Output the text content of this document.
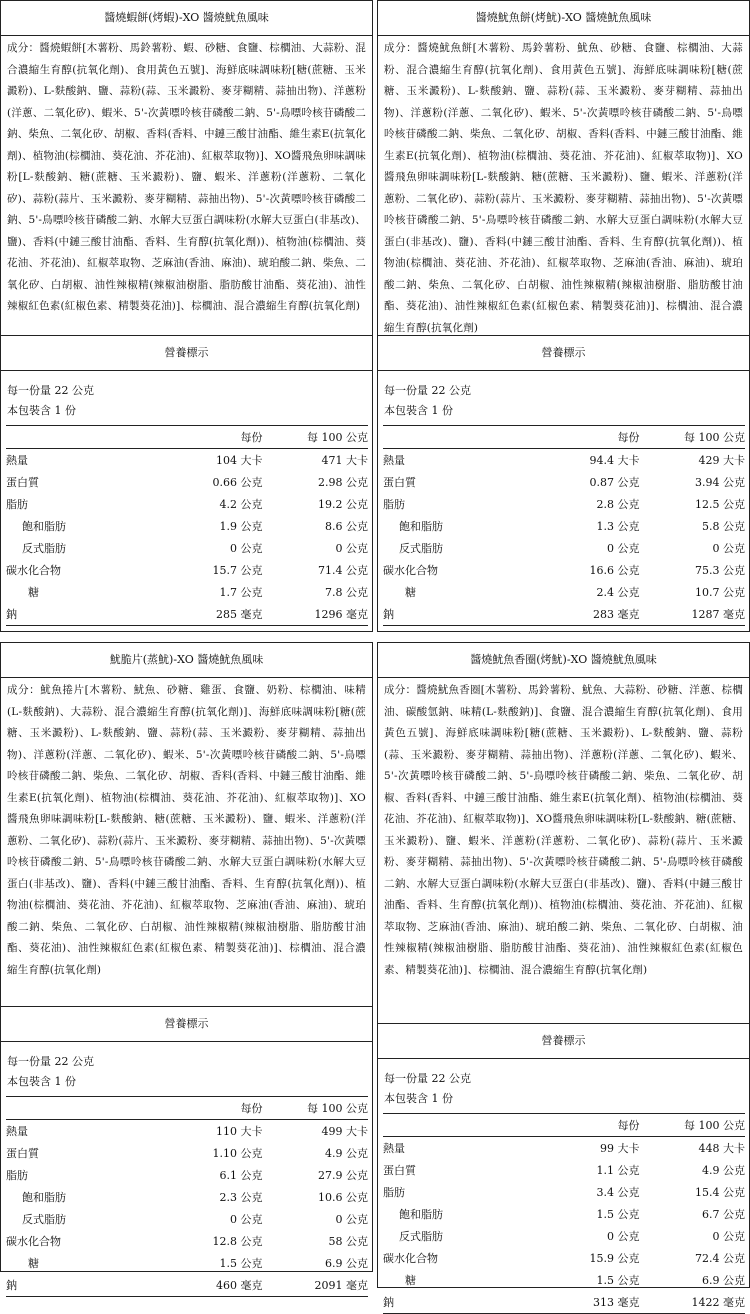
醬燒蝦餅(烤蝦)-XO 醬燒魷魚風味
成分：醬燒蝦餅[木薯粉、馬鈴薯粉、蝦、砂糖、食鹽、棕櫚油、大蒜粉、混合濃縮生育醇(抗氧化劑)、食用黃色五號]、海鮮底味調味粉[糖(蔗糖、玉米澱粉)、L-麩酸鈉、鹽、蒜粉(蒜、玉米澱粉、麥芽糊精、蒜抽出物)、洋蔥粉(洋蔥、二氧化矽)、蝦米、5'-次黃嘌呤核苷磷酸二鈉、5'-鳥嘌呤核苷磷酸二鈉、柴魚、二氧化矽、胡椒、香料(香料、中鏈三酸甘油酯、維生素E(抗氧化劑)、植物油(棕櫚油、葵花油、芥花油)、紅椒萃取物)]、XO醬飛魚卵味調味粉[L-麩酸鈉、糖(蔗糖、玉米澱粉)、鹽、蝦米、洋蔥粉(洋蔥粉、二氧化矽)、蒜粉(蒜片、玉米澱粉、麥芽糊精、蒜抽出物)、5'-次黃嘌呤核苷磷酸二鈉、5'-鳥嘌呤核苷磷酸二鈉、水解大豆蛋白調味粉(水解大豆蛋白(非基改)、鹽)、香料(中鏈三酸甘油酯、香料、生育醇(抗氧化劑))、植物油(棕櫚油、葵花油、芥花油)、紅椒萃取物、芝麻油(香油、麻油)、琥珀酸二鈉、柴魚、二氧化矽、白胡椒、油性辣椒精(辣椒油樹脂、脂肪酸甘油酯、葵花油)、油性辣椒紅色素(紅椒色素、精製葵花油)]、棕櫚油、混合濃縮生育醇(抗氧化劑)
營養標示
每一份量 22 公克
本包裝含 1 份
	每份	每 100 公克
熱量	104 大卡	471 大卡
蛋白質	0.66 公克	2.98 公克
脂肪	4.2 公克	19.2 公克
飽和脂肪	1.9 公克	8.6 公克
反式脂肪	0 公克	0 公克
碳水化合物	15.7 公克	71.4 公克
糖	1.7 公克	7.8 公克
鈉	285 毫克	1296 毫克
醬燒魷魚餅(烤魷)-XO 醬燒魷魚風味
成分：醬燒魷魚餅[木薯粉、馬鈴薯粉、魷魚、砂糖、食鹽、棕櫚油、大蒜粉、混合濃縮生育醇(抗氧化劑)、食用黃色五號]、海鮮底味調味粉[糖(蔗糖、玉米澱粉)、L-麩酸鈉、鹽、蒜粉(蒜、玉米澱粉、麥芽糊精、蒜抽出物)、洋蔥粉(洋蔥、二氧化矽)、蝦米、5'-次黃嘌呤核苷磷酸二鈉、5'-鳥嘌呤核苷磷酸二鈉、柴魚、二氧化矽、胡椒、香料(香料、中鏈三酸甘油酯、維生素E(抗氧化劑)、植物油(棕櫚油、葵花油、芥花油)、紅椒萃取物)]、XO醬飛魚卵味調味粉[L-麩酸鈉、糖(蔗糖、玉米澱粉)、鹽、蝦米、洋蔥粉(洋蔥粉、二氧化矽)、蒜粉(蒜片、玉米澱粉、麥芽糊精、蒜抽出物)、5'-次黃嘌呤核苷磷酸二鈉、5'-鳥嘌呤核苷磷酸二鈉、水解大豆蛋白調味粉(水解大豆蛋白(非基改)、鹽)、香料(中鏈三酸甘油酯、香料、生育醇(抗氧化劑))、植物油(棕櫚油、葵花油、芥花油)、紅椒萃取物、芝麻油(香油、麻油)、琥珀酸二鈉、柴魚、二氧化矽、白胡椒、油性辣椒精(辣椒油樹脂、脂肪酸甘油酯、葵花油)、油性辣椒紅色素(紅椒色素、精製葵花油)]、棕櫚油、混合濃縮生育醇(抗氧化劑)
營養標示
每一份量 22 公克
本包裝含 1 份
	每份	每 100 公克
熱量	94.4 大卡	429 大卡
蛋白質	0.87 公克	3.94 公克
脂肪	2.8 公克	12.5 公克
飽和脂肪	1.3 公克	5.8 公克
反式脂肪	0 公克	0 公克
碳水化合物	16.6 公克	75.3 公克
糖	2.4 公克	10.7 公克
鈉	283 毫克	1287 毫克
魷脆片(蒸魷)-XO 醬燒魷魚風味
成分：魷魚捲片[木薯粉、魷魚、砂糖、雞蛋、食鹽、奶粉、棕櫚油、味精(L-麩酸鈉)、大蒜粉、混合濃縮生育醇(抗氧化劑)]、海鮮底味調味粉[糖(蔗糖、玉米澱粉)、L-麩酸鈉、鹽、蒜粉(蒜、玉米澱粉、麥芽糊精、蒜抽出物)、洋蔥粉(洋蔥、二氧化矽)、蝦米、5'-次黃嘌呤核苷磷酸二鈉、5'-鳥嘌呤核苷磷酸二鈉、柴魚、二氧化矽、胡椒、香料(香料、中鏈三酸甘油酯、維生素E(抗氧化劑)、植物油(棕櫚油、葵花油、芥花油)、紅椒萃取物)]、XO醬飛魚卵味調味粉[L-麩酸鈉、糖(蔗糖、玉米澱粉)、鹽、蝦米、洋蔥粉(洋蔥粉、二氧化矽)、蒜粉(蒜片、玉米澱粉、麥芽糊精、蒜抽出物)、5'-次黃嘌呤核苷磷酸二鈉、5'-鳥嘌呤核苷磷酸二鈉、水解大豆蛋白調味粉(水解大豆蛋白(非基改)、鹽)、香料(中鏈三酸甘油酯、香料、生育醇(抗氧化劑))、植物油(棕櫚油、葵花油、芥花油)、紅椒萃取物、芝麻油(香油、麻油)、琥珀酸二鈉、柴魚、二氧化矽、白胡椒、油性辣椒精(辣椒油樹脂、脂肪酸甘油酯、葵花油)、油性辣椒紅色素(紅椒色素、精製葵花油)]、棕櫚油、混合濃縮生育醇(抗氧化劑)
營養標示
每一份量 22 公克
本包裝含 1 份
	每份	每 100 公克
熱量	110 大卡	499 大卡
蛋白質	1.10 公克	4.9 公克
脂肪	6.1 公克	27.9 公克
飽和脂肪	2.3 公克	10.6 公克
反式脂肪	0 公克	0 公克
碳水化合物	12.8 公克	58 公克
糖	1.5 公克	6.9 公克
鈉	460 毫克	2091 毫克
醬燒魷魚香圈(烤魷)-XO 醬燒魷魚風味
成分：醬燒魷魚香圈[木薯粉、馬鈴薯粉、魷魚、大蒜粉、砂糖、洋蔥、棕櫚油、碳酸氫鈉、味精(L-麩酸鈉)]、食鹽、混合濃縮生育醇(抗氧化劑)、食用黃色五號]、海鮮底味調味粉[糖(蔗糖、玉米澱粉)、L-麩酸鈉、鹽、蒜粉(蒜、玉米澱粉、麥芽糊精、蒜抽出物)、洋蔥粉(洋蔥、二氧化矽)、蝦米、5'-次黃嘌呤核苷磷酸二鈉、5'-鳥嘌呤核苷磷酸二鈉、柴魚、二氧化矽、胡椒、香料(香料、中鏈三酸甘油酯、維生素E(抗氧化劑)、植物油(棕櫚油、葵花油、芥花油)、紅椒萃取物)]、XO醬飛魚卵味調味粉[L-麩酸鈉、糖(蔗糖、玉米澱粉)、鹽、蝦米、洋蔥粉(洋蔥粉、二氧化矽)、蒜粉(蒜片、玉米澱粉、麥芽糊精、蒜抽出物)、5'-次黃嘌呤核苷磷酸二鈉、5'-鳥嘌呤核苷磷酸二鈉、水解大豆蛋白調味粉(水解大豆蛋白(非基改)、鹽)、香料(中鏈三酸甘油酯、香料、生育醇(抗氧化劑))、植物油(棕櫚油、葵花油、芥花油)、紅椒萃取物、芝麻油(香油、麻油)、琥珀酸二鈉、柴魚、二氧化矽、白胡椒、油性辣椒精(辣椒油樹脂、脂肪酸甘油酯、葵花油)、油性辣椒紅色素(紅椒色素、精製葵花油)]、棕櫚油、混合濃縮生育醇(抗氧化劑)
營養標示
每一份量 22 公克
本包裝含 1 份
	每份	每 100 公克
熱量	99 大卡	448 大卡
蛋白質	1.1 公克	4.9 公克
脂肪	3.4 公克	15.4 公克
飽和脂肪	1.5 公克	6.7 公克
反式脂肪	0 公克	0 公克
碳水化合物	15.9 公克	72.4 公克
糖	1.5 公克	6.9 公克
鈉	313 毫克	1422 毫克
